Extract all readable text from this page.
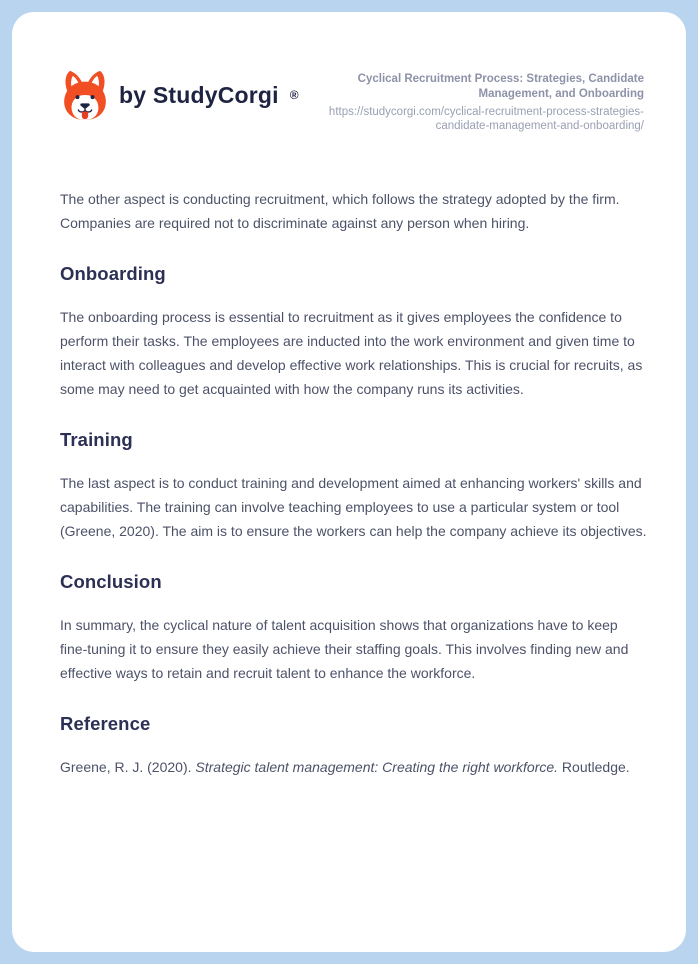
by StudyCorgi ®
Cyclical Recruitment Process: Strategies, Candidate Management, and Onboarding
https://studycorgi.com/cyclical-recruitment-process-strategies-candidate-management-and-onboarding/

The other aspect is conducting recruitment, which follows the strategy adopted by the firm. Companies are required not to discriminate against any person when hiring.

Onboarding

The onboarding process is essential to recruitment as it gives employees the confidence to perform their tasks. The employees are inducted into the work environment and given time to interact with colleagues and develop effective work relationships. This is crucial for recruits, as some may need to get acquainted with how the company runs its activities.

Training

The last aspect is to conduct training and development aimed at enhancing workers' skills and capabilities. The training can involve teaching employees to use a particular system or tool (Greene, 2020). The aim is to ensure the workers can help the company achieve its objectives.

Conclusion

In summary, the cyclical nature of talent acquisition shows that organizations have to keep fine-tuning it to ensure they easily achieve their staffing goals. This involves finding new and effective ways to retain and recruit talent to enhance the workforce.

Reference

Greene, R. J. (2020). Strategic talent management: Creating the right workforce. Routledge.
